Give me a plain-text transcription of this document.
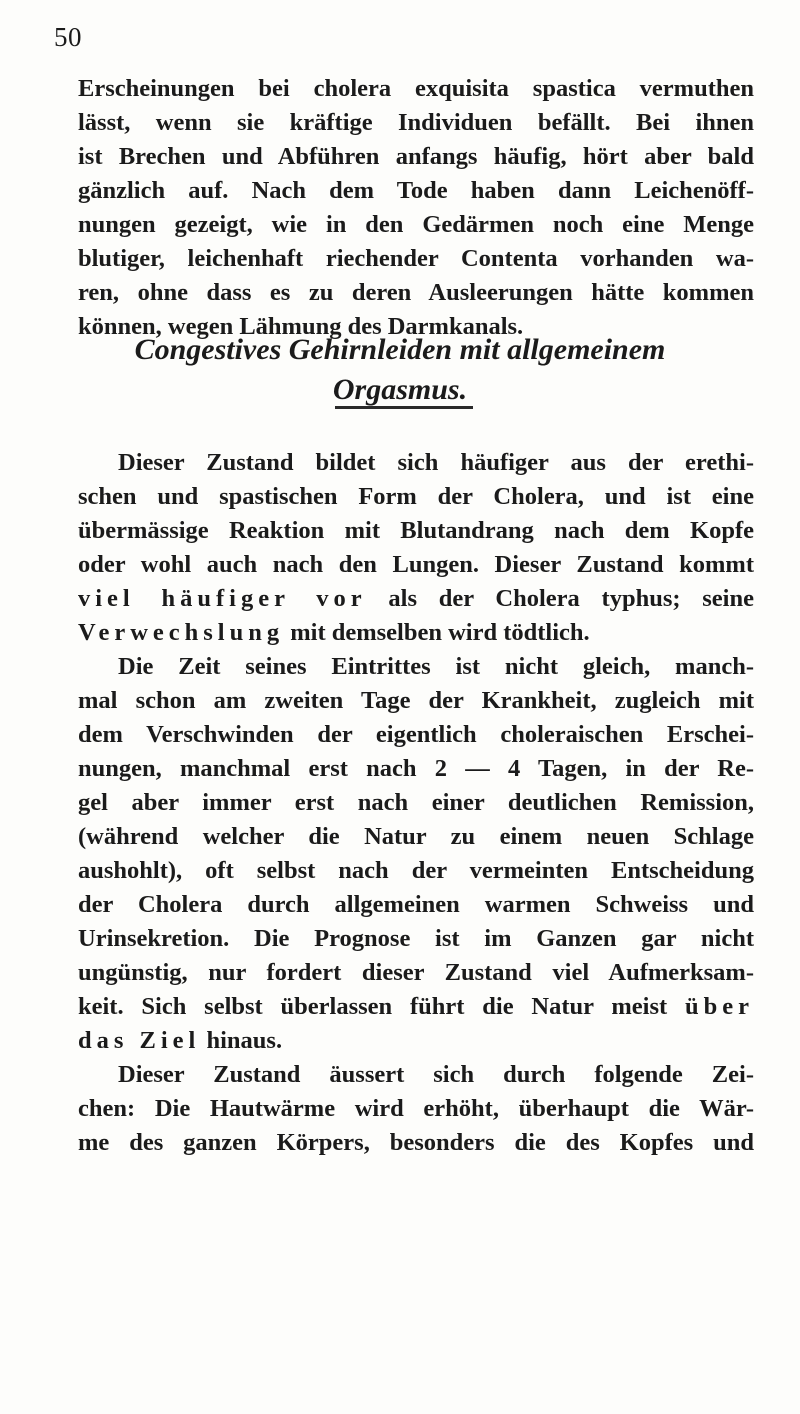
50
Erscheinungen bei cholera exquisita spastica vermuthen
lässt, wenn sie kräftige Individuen befällt. Bei ihnen
ist Brechen und Abführen anfangs häufig, hört aber bald
gänzlich auf. Nach dem Tode haben dann Leichenöff-
nungen gezeigt, wie in den Gedärmen noch eine Menge
blutiger, leichenhaft riechender Contenta vorhanden wa-
ren, ohne dass es zu deren Ausleerungen hätte kommen
können, wegen Lähmung des Darmkanals.
Congestives Gehirnleiden mit allgemeinem
Orgasmus.
Dieser Zustand bildet sich häufiger aus der erethi-
schen und spastischen Form der Cholera, und ist eine
übermässige Reaktion mit Blutandrang nach dem Kopfe
oder wohl auch nach den Lungen. Dieser Zustand kommt
viel häufiger vor als der Cholera typhus; seine
Verwechslung mit demselben wird tödtlich.
Die Zeit seines Eintrittes ist nicht gleich, manch-
mal schon am zweiten Tage der Krankheit, zugleich mit
dem Verschwinden der eigentlich choleraischen Erschei-
nungen, manchmal erst nach 2 — 4 Tagen, in der Re-
gel aber immer erst nach einer deutlichen Remission,
(während welcher die Natur zu einem neuen Schlage
aushohlt), oft selbst nach der vermeinten Entscheidung
der Cholera durch allgemeinen warmen Schweiss und
Urinsekretion. Die Prognose ist im Ganzen gar nicht
ungünstig, nur fordert dieser Zustand viel Aufmerksam-
keit. Sich selbst überlassen führt die Natur meist über
das Ziel hinaus.
Dieser Zustand äussert sich durch folgende Zei-
chen: Die Hautwärme wird erhöht, überhaupt die Wär-
me des ganzen Körpers, besonders die des Kopfes und
